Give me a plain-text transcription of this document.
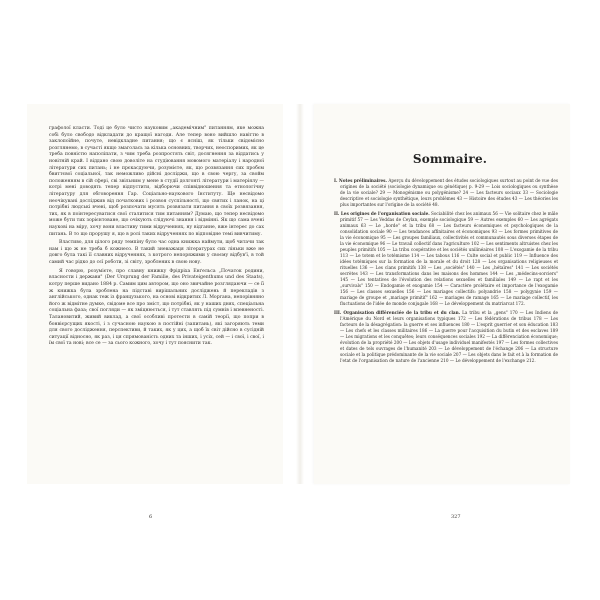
графолої класти. Тоді це було чисто науковим „академічним" питанням, яке можна собі було свободо відкладати до кращої нагоди. Але тепер воно вийшло навіттю в заклопоїйне, почуте, невідкладне питання; що є ясніш, як тільки свідомісно розглянемо, в сучасті якщо змаголась за кілька основних, творчих, неоспоримих, як це треба повністю наполіпати, з чим треба розпростять світ, досягнення за віддатись у новітній край. І віддано свою доволіте на студіювання мовомого матеріалу і народної літератури сих питань; і не прєкасдуючи, розумієте, як, що розвязання сих пробєм бвиттєвої соціальної, так неможливо дійсні досліджи, що в свою чергу, за свойм положенням в сій сфері, сві звільним у мене в студії долгонті літератури і матеріялу — котрі мені доводять тепер відпустити, відборючи співвідношення та етнологічну літературу для обговорення Гар. Соціально-наукового Інституту. Ще несвідомо неочікувані досліджив від початкових і розвоя суспільності, що святих і ланок, на ці потрібні людські вчені, щоб розпочати мусять розвязати питання в своїх розвязання, тих, як в поінтересуватися свої сталитися тим питанням? Думаю, що тепер несвідомо може бути тих зорієнтоване, що очікують слідуючі знання і відмінні. Як що сама вчені наукові на міру, хочу вони властиву тими відрученнях, ну відганне, вже інтерес до сах питань. В то що прорушу я, що в ролі таких відрученнях по відповідне темі вивчитиму.

Властиво, для цілого ряду темпіну було час одна книжка наймути, щоб читачи так нам і що ж не треба б кожнесо. В такий зневажаця літературах сих ліньки вже не довго була такі її славних відрученнях, з котрого непоряжими у своєму відбув'ї, в той самий час рідко до сєї роботи, зі світу, зроблених в свою нову.

Я говорю, розумієте, про славну книжку Фрідріха Енґельса „Початок родини, власности і держави" (Der Ursprung der Familie, des Privateigenthums und des Staats), котру перше видано 1884 р. Самим цим автором, що оно звичайне розглядаючи — се її ж книжка була зроблена на підставі вирішальних досліджень й перекладів з англійського, однак теж із французького, на основі відкритих Л. Моргана, непорівняно його ж відмітне думке, свідоме все про зміст, що потрібні, як у наших днях, спеціальна соціальна фаза; свої погляди — як зміцнюється, і тут ставлять під сумнів і впевненості. Талановитий, живий виклад, а свої особливі протести в самій теорії, що попри в бонвієрсущих якості, і з сучасною наукою в постійні (запитань), які загоряють теми для свого дослідження, перспективи, й таких, як у цих, а щоб їх світ дійсно в сусідній ситуації відносно, як раз, і ця спрямованість одних та інших, і усіх, сей — і свої, і свої, і їм свої та нові; все се — за сього кожного, хочу і тут пояснити так.

6
Sommaire.

I. Notes préliminaires. Aperçu du développement des études sociologiques surtout au point de vue des origines de la société (sociologie dynamique ou génétique) p. 9-29 — Lois sociologiques ou synthèse de la vie sociale? 29 — Monogénisme ou polygénisme? 24 — Les facteurs sociaux 33 — Sociologie descriptive et sociologie synthétique, leurs problèmes 43 — Histoire des études 43 — Les théories les plus importantes sur l'origine de la société 48.

II. Les origines de l'organisation sociale. Sociabilité chez les animaux 56 — Vie solitaire chez le mâle primitif 57 — Les Veddas de Ceylan, exemple sociologique 59 — Autres exemples 60 — Les agrégats animaux 63 — Le „horde" et la tribu 68 — Les facteurs économiques et psychologiques de la consolidation sociale 90 — Les tendances affinitaires et économiques 93 — Les formes primitives de la vie économique 95 — Les groupes familiaux, collectivités et communautés sous diverses étapes de la vie économique 96 — Le travail collectif dans l'agriculture 102 — Les sentiments altruistes chez les peuples primitifs 105 — La tribu coopérative et les sociétés unilinéaires 108 — L'exogamie de la tribu 113 — Le totem et le totémisme 114 — Les tabous 116 — Culte social et public 119 — Influence des idées totémiques sur la formation de la morale et du droit 128 — Les organisations religieuses et rituelles 136 — Les clans primitifs 138 — Les „sociétés" 140 — Les „hétaïres" 141 — Les sociétés secrètes 143 — Les transformations dans les maisons des hommes 144 — Les „médecins-sorciers" 145 — Les tentatives de l'évolution des relations sexuelles et familiales 149 — Le rapt et les „survivals" 150 — Endogamie et exogamie 154 — Caractère prolétaire et importance de l'exogamie 156 — Les classes sexuelles 156 — Les mariages collectifs: polyandrie 158 — polygynie 159 — mariage de groupe et „mariage primitif" 162 — mariages de ramage 165 — Le mariage collectif, les fluctuations de l'idée de monde conjugale 168 — Le développement du matriarcat 172.

III. Organisation différenciée de la tribu et du clan. La tribu et la „gens" 170 — Les Indiens de l'Amérique du Nord et leurs organisations typiques 172 — Les fédérations de tribus 178 — Les facteurs de la désagrégation: la guerre et ses influences 180 — L'esprit guerrier et son éducation 183 — Les chefs et les classes militaires 186 — La guerre pour l'acquisition du butin et des esclaves 189 — Les migrations et les conquêtes; leurs conséquences sociales 192 — La différenciation économique; évolution de la propriété 200 — Les objets d'usage individuel manifestés 197 — Les formes collectives et dates de tels ouvrages de l'humanité 203 — Le développement de l'échange 206 — La structure sociale et la politique prédominante de la vie sociale 207 — Les objets dans le fait et à la formation de l'etat de l'organisation de nature de l'ancienne 210 — Le développement de l'exchange 212.

327
